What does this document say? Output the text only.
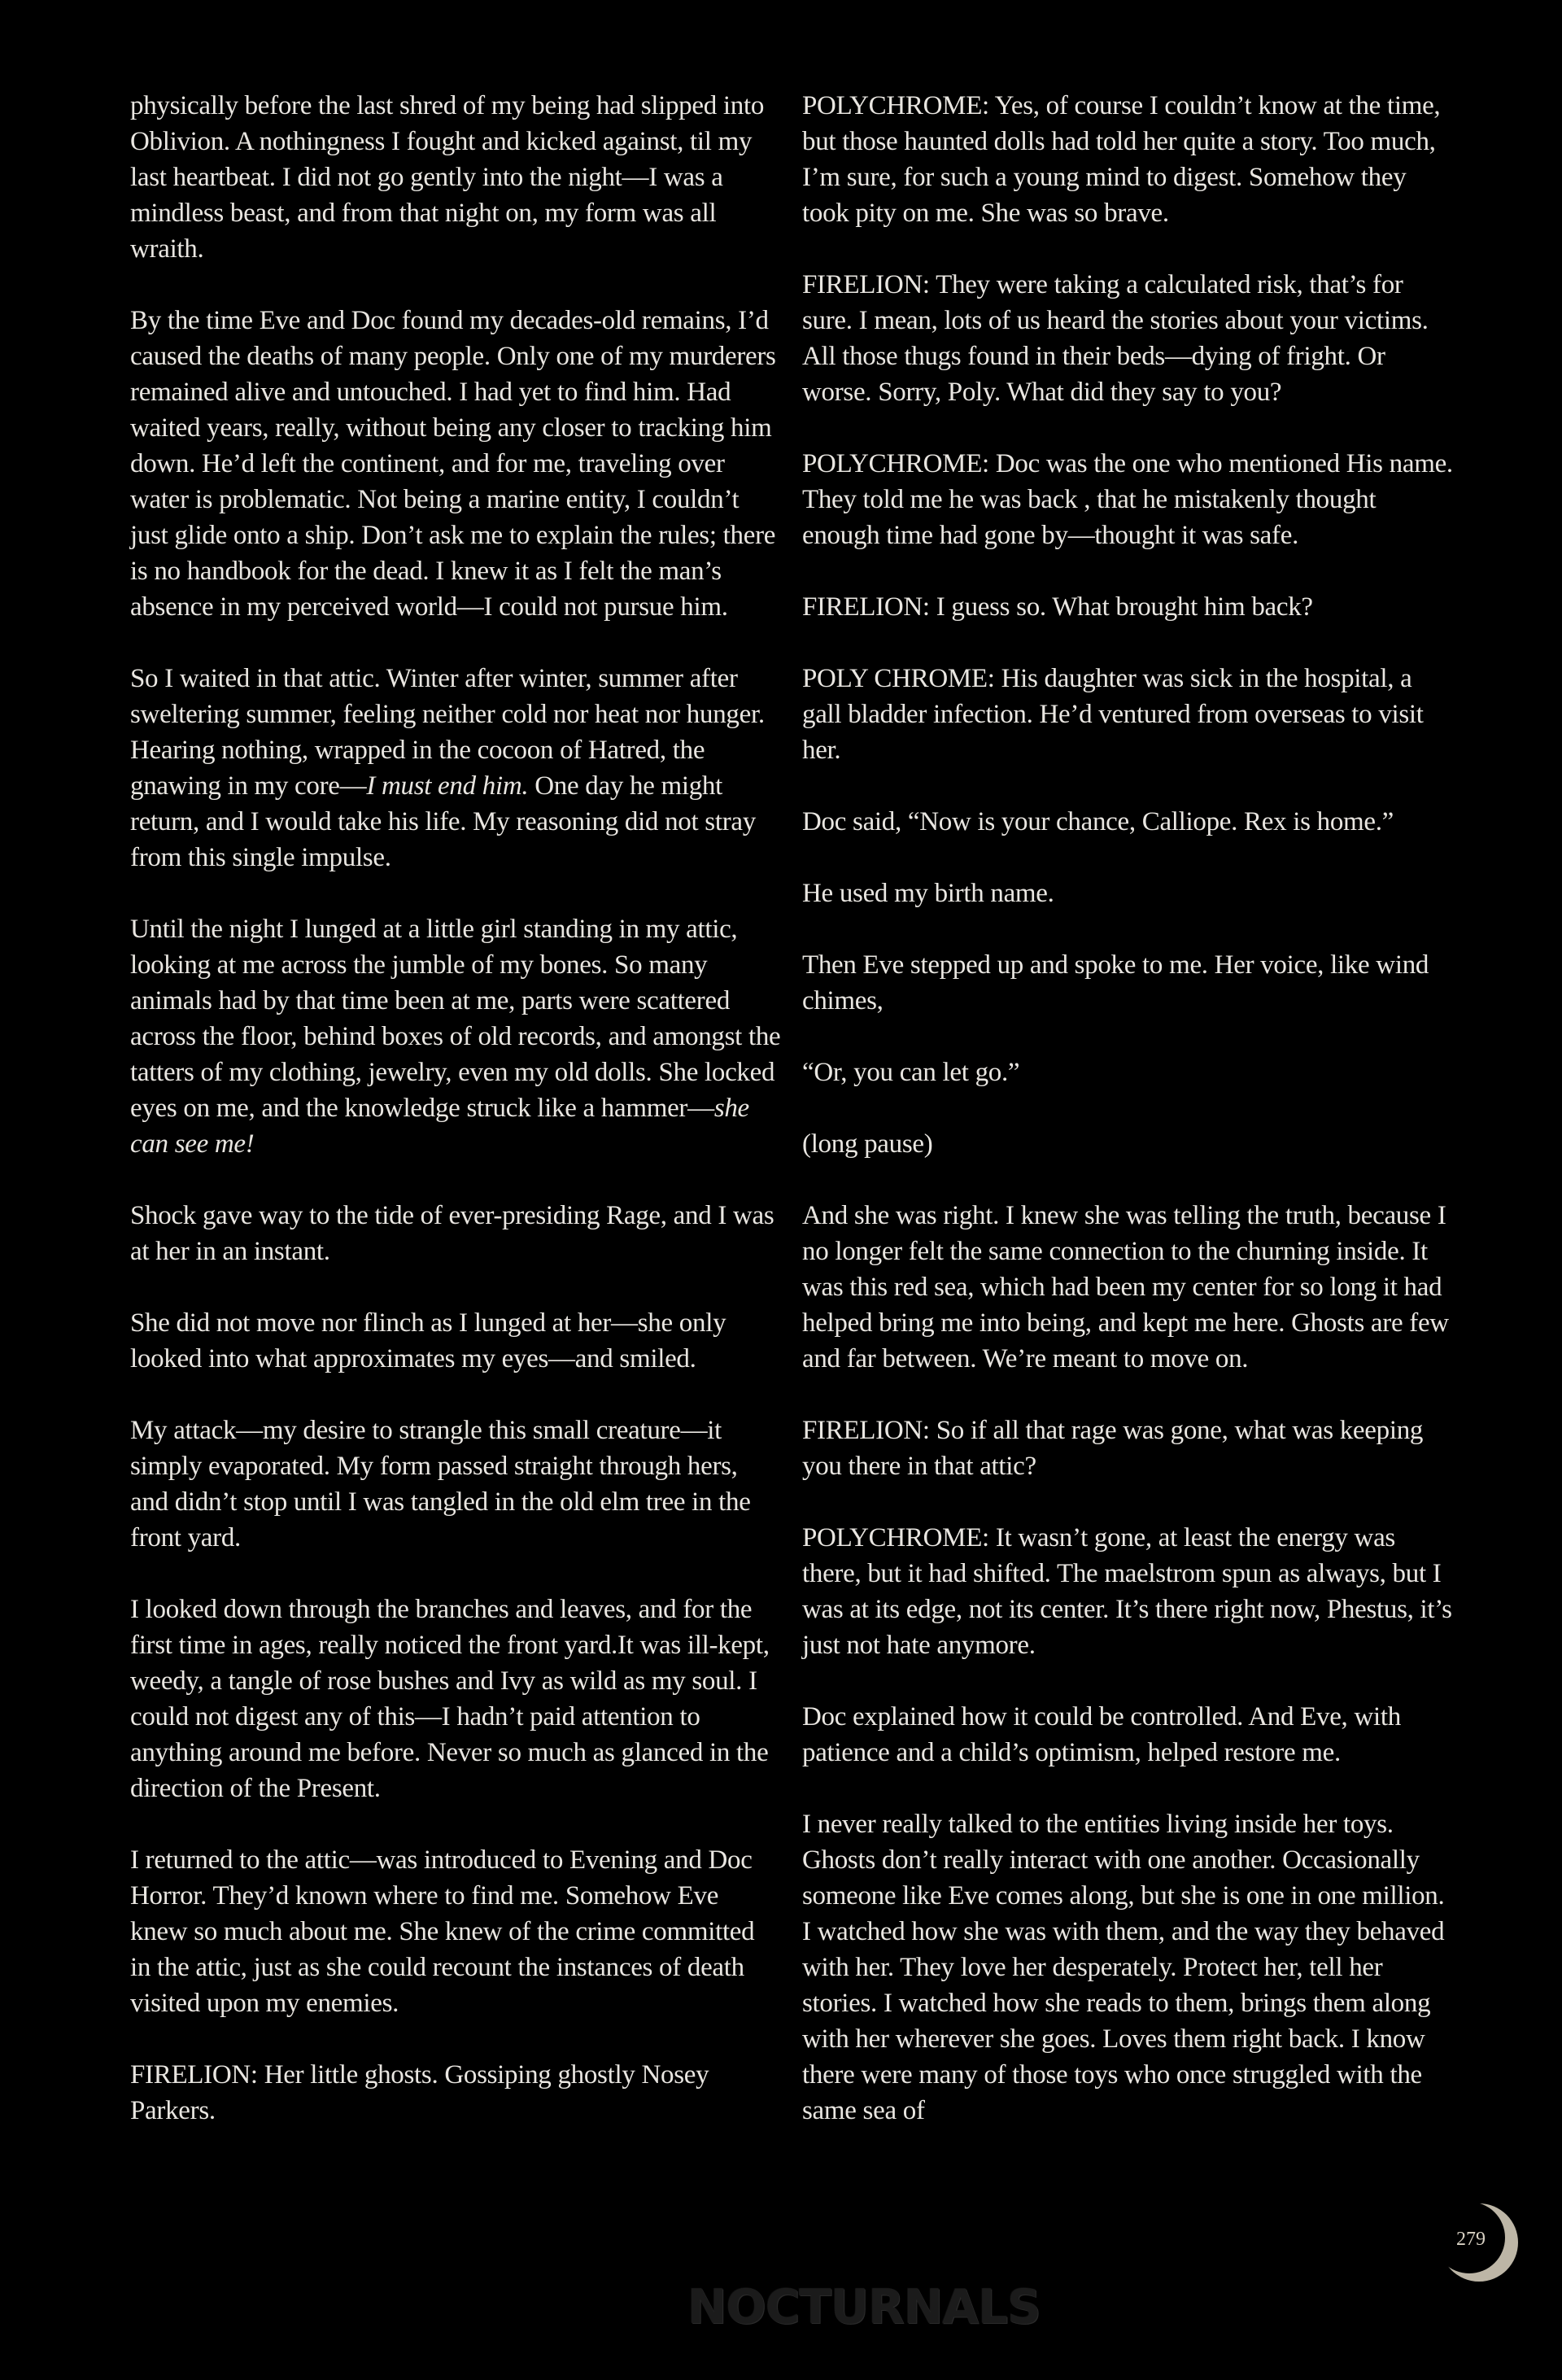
physically before the last shred of my being had slipped into Oblivion. A nothingness I fought and kicked against, til my last heartbeat. I did not go gently into the night—I was a mindless beast, and from that night on, my form was all wraith.

By the time Eve and Doc found my decades-old remains, I’d caused the deaths of many people. Only one of my murderers remained alive and untouched. I had yet to find him. Had waited years, really, without being any closer to tracking him down. He’d left the continent, and for me, traveling over water is problematic. Not being a marine entity, I couldn’t just glide onto a ship. Don’t ask me to explain the rules; there is no handbook for the dead. I knew it as I felt the man’s absence in my perceived world—I could not pursue him.

So I waited in that attic. Winter after winter, summer after sweltering summer, feeling neither cold nor heat nor hunger. Hearing nothing, wrapped in the cocoon of Hatred, the gnawing in my core—I must end him. One day he might return, and I would take his life. My reasoning did not stray from this single impulse.

Until the night I lunged at a little girl standing in my attic, looking at me across the jumble of my bones. So many animals had by that time been at me, parts were scattered across the floor, behind boxes of old records, and amongst the tatters of my clothing, jewelry, even my old dolls. She locked eyes on me, and the knowledge struck like a hammer—she can see me!

Shock gave way to the tide of ever-presiding Rage, and I was at her in an instant.

She did not move nor flinch as I lunged at her—she only looked into what approximates my eyes—and smiled.

My attack—my desire to strangle this small creature—it simply evaporated. My form passed straight through hers, and didn’t stop until I was tangled in the old elm tree in the front yard.

I looked down through the branches and leaves, and for the first time in ages, really noticed the front yard.It was ill-kept, weedy, a tangle of rose bushes and Ivy as wild as my soul. I could not digest any of this—I hadn’t paid attention to anything around me before. Never so much as glanced in the direction of the Present.

I returned to the attic—was introduced to Evening and Doc Horror. They’d known where to find me. Somehow Eve knew so much about me. She knew of the crime committed in the attic, just as she could recount the instances of death visited upon my enemies.

FIRELION: Her little ghosts. Gossiping ghostly Nosey Parkers.

POLYCHROME: Yes, of course I couldn’t know at the time, but those haunted dolls had told her quite a story. Too much, I’m sure, for such a young mind to digest. Somehow they took pity on me. She was so brave.

FIRELION: They were taking a calculated risk, that’s for sure. I mean, lots of us heard the stories about your victims. All those thugs found in their beds—dying of fright. Or worse. Sorry, Poly. What did they say to you?

POLYCHROME: Doc was the one who mentioned His name. They told me he was back , that he mistakenly thought enough time had gone by—thought it was safe.

FIRELION: I guess so. What brought him back?

POLY CHROME: His daughter was sick in the hospital, a gall bladder infection. He’d ventured from overseas to visit her.

Doc said, “Now is your chance, Calliope. Rex is home.”

He used my birth name.

Then Eve stepped up and spoke to me. Her voice, like wind chimes,

“Or, you can let go.”

(long pause)

And she was right. I knew she was telling the truth, because I no longer felt the same connection to the churning inside. It was this red sea, which had been my center for so long it had helped bring me into being, and kept me here. Ghosts are few and far between. We’re meant to move on.

FIRELION: So if all that rage was gone, what was keeping you there in that attic?

POLYCHROME: It wasn’t gone, at least the energy was there, but it had shifted. The maelstrom spun as always, but I was at its edge, not its center. It’s there right now, Phestus, it’s just not hate anymore.

Doc explained how it could be controlled. And Eve, with patience and a child’s optimism, helped restore me.

I never really talked to the entities living inside her toys. Ghosts don’t really interact with one another. Occasionally someone like Eve comes along, but she is one in one million. I watched how she was with them, and the way they behaved with her. They love her desperately. Protect her, tell her stories. I watched how she reads to them, brings them along with her wherever she goes. Loves them right back. I know there were many of those toys who once struggled with the same sea of

NOCTURNALS
279
